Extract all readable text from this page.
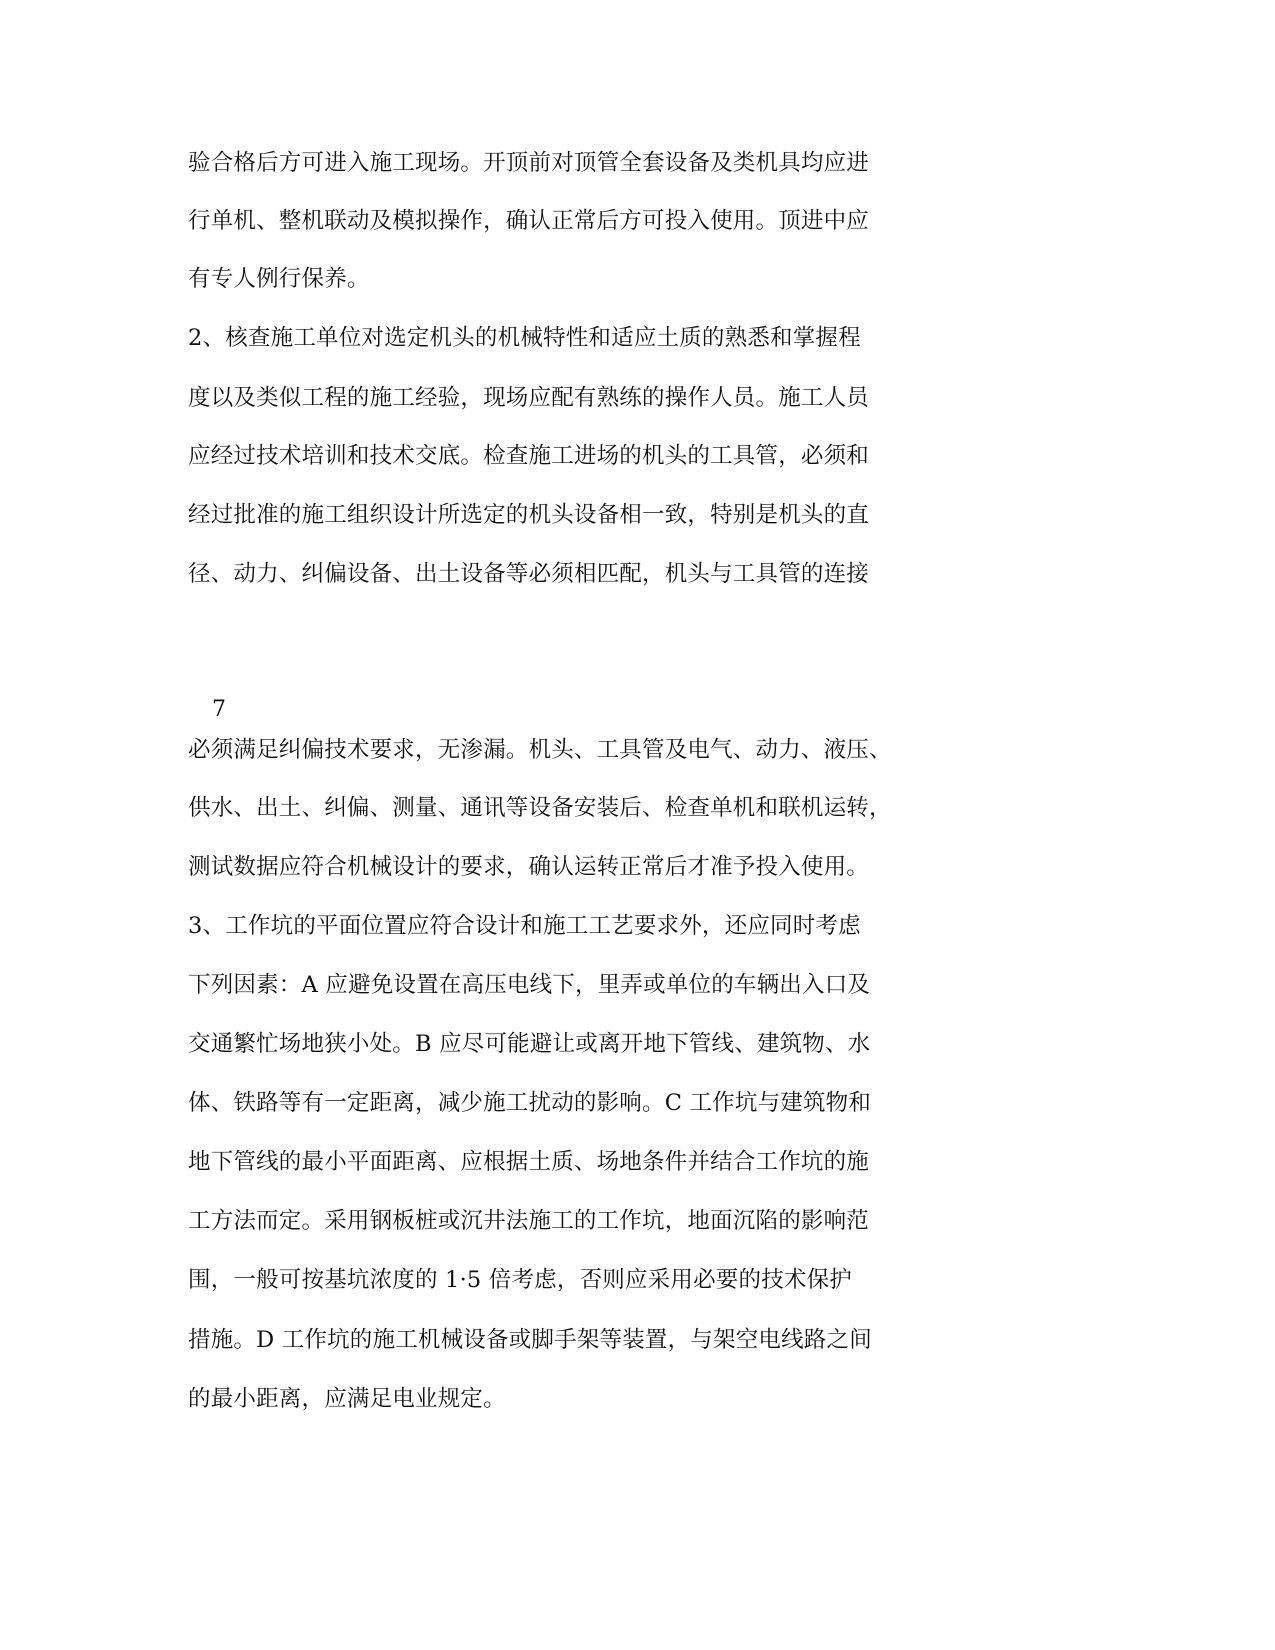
验合格后方可进入施工现场。开顶前对顶管全套设备及类机具均应进
行单机、整机联动及模拟操作，确认正常后方可投入使用。顶进中应
有专人例行保养。
2、核查施工单位对选定机头的机械特性和适应土质的熟悉和掌握程
度以及类似工程的施工经验，现场应配有熟练的操作人员。施工人员
应经过技术培训和技术交底。检查施工进场的机头的工具管，必须和
经过批准的施工组织设计所选定的机头设备相一致，特别是机头的直
径、动力、纠偏设备、出土设备等必须相匹配，机头与工具管的连接
7
必须满足纠偏技术要求，无渗漏。机头、工具管及电气、动力、液压、
供水、出土、纠偏、测量、通讯等设备安装后、检查单机和联机运转，
测试数据应符合机械设计的要求，确认运转正常后才准予投入使用。
3、工作坑的平面位置应符合设计和施工工艺要求外，还应同时考虑
下列因素：A 应避免设置在高压电线下，里弄或单位的车辆出入口及
交通繁忙场地狭小处。B 应尽可能避让或离开地下管线、建筑物、水
体、铁路等有一定距离，减少施工扰动的影响。C 工作坑与建筑物和
地下管线的最小平面距离、应根据土质、场地条件并结合工作坑的施
工方法而定。采用钢板桩或沉井法施工的工作坑，地面沉陷的影响范
围，一般可按基坑浓度的 1·5 倍考虑，否则应采用必要的技术保护
措施。D 工作坑的施工机械设备或脚手架等装置，与架空电线路之间
的最小距离，应满足电业规定。
